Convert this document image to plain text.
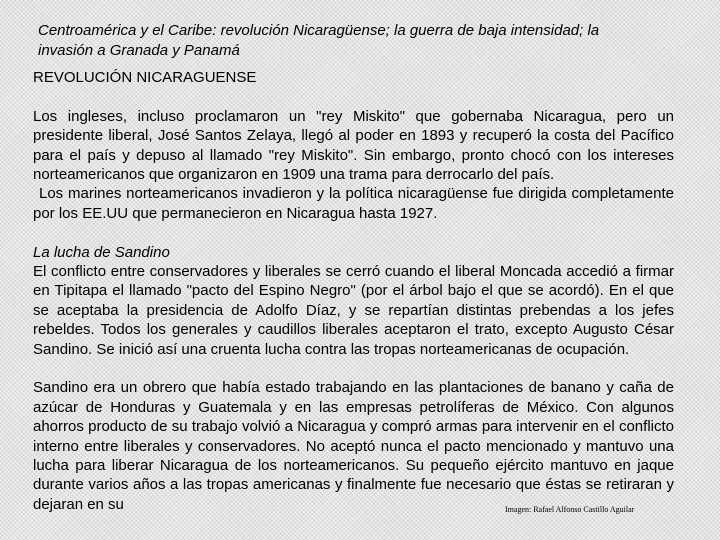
Centroamérica y el Caribe: revolución Nicaragüense; la guerra de baja intensidad; la
invasión a Granada y Panamá

REVOLUCIÓN NICARAGUENSE

Los ingleses, incluso proclamaron un "rey Miskito" que gobernaba Nicaragua, pero un presidente liberal, José Santos Zelaya, llegó al poder en 1893 y recuperó la costa del Pacífico para el país y depuso al llamado "rey Miskito". Sin embargo, pronto chocó con los intereses norteamericanos que organizaron en 1909 una trama para derrocarlo del país.

Los marines norteamericanos invadieron y la política nicaragüense fue dirigida completamente por los EE.UU que permanecieron en Nicaragua hasta 1927.

La lucha de Sandino

El conflicto entre conservadores y liberales se cerró cuando el liberal Moncada accedió a firmar en Tipitapa el llamado "pacto del Espino Negro" (por el árbol bajo el que se acordó). En el que se aceptaba la presidencia de Adolfo Díaz, y se repartían distintas prebendas a los jefes rebeldes. Todos los generales y caudillos liberales aceptaron el trato, excepto Augusto César Sandino. Se inició así una cruenta lucha contra las tropas norteamericanas de ocupación.

Sandino era un obrero que había estado trabajando en las plantaciones de banano y caña de azúcar de Honduras y Guatemala y en las empresas petrolíferas de México. Con algunos ahorros producto de su trabajo volvió a Nicaragua y compró armas para intervenir en el conflicto interno entre liberales y conservadores. No aceptó nunca el pacto mencionado y mantuvo una lucha para liberar Nicaragua de los norteamericanos. Su pequeño ejército mantuvo en jaque durante varios años a las tropas americanas y finalmente fue necesario que éstas se retiraran y dejaran en su	Imagen: Rafael Alfonso Castillo Aguilar
